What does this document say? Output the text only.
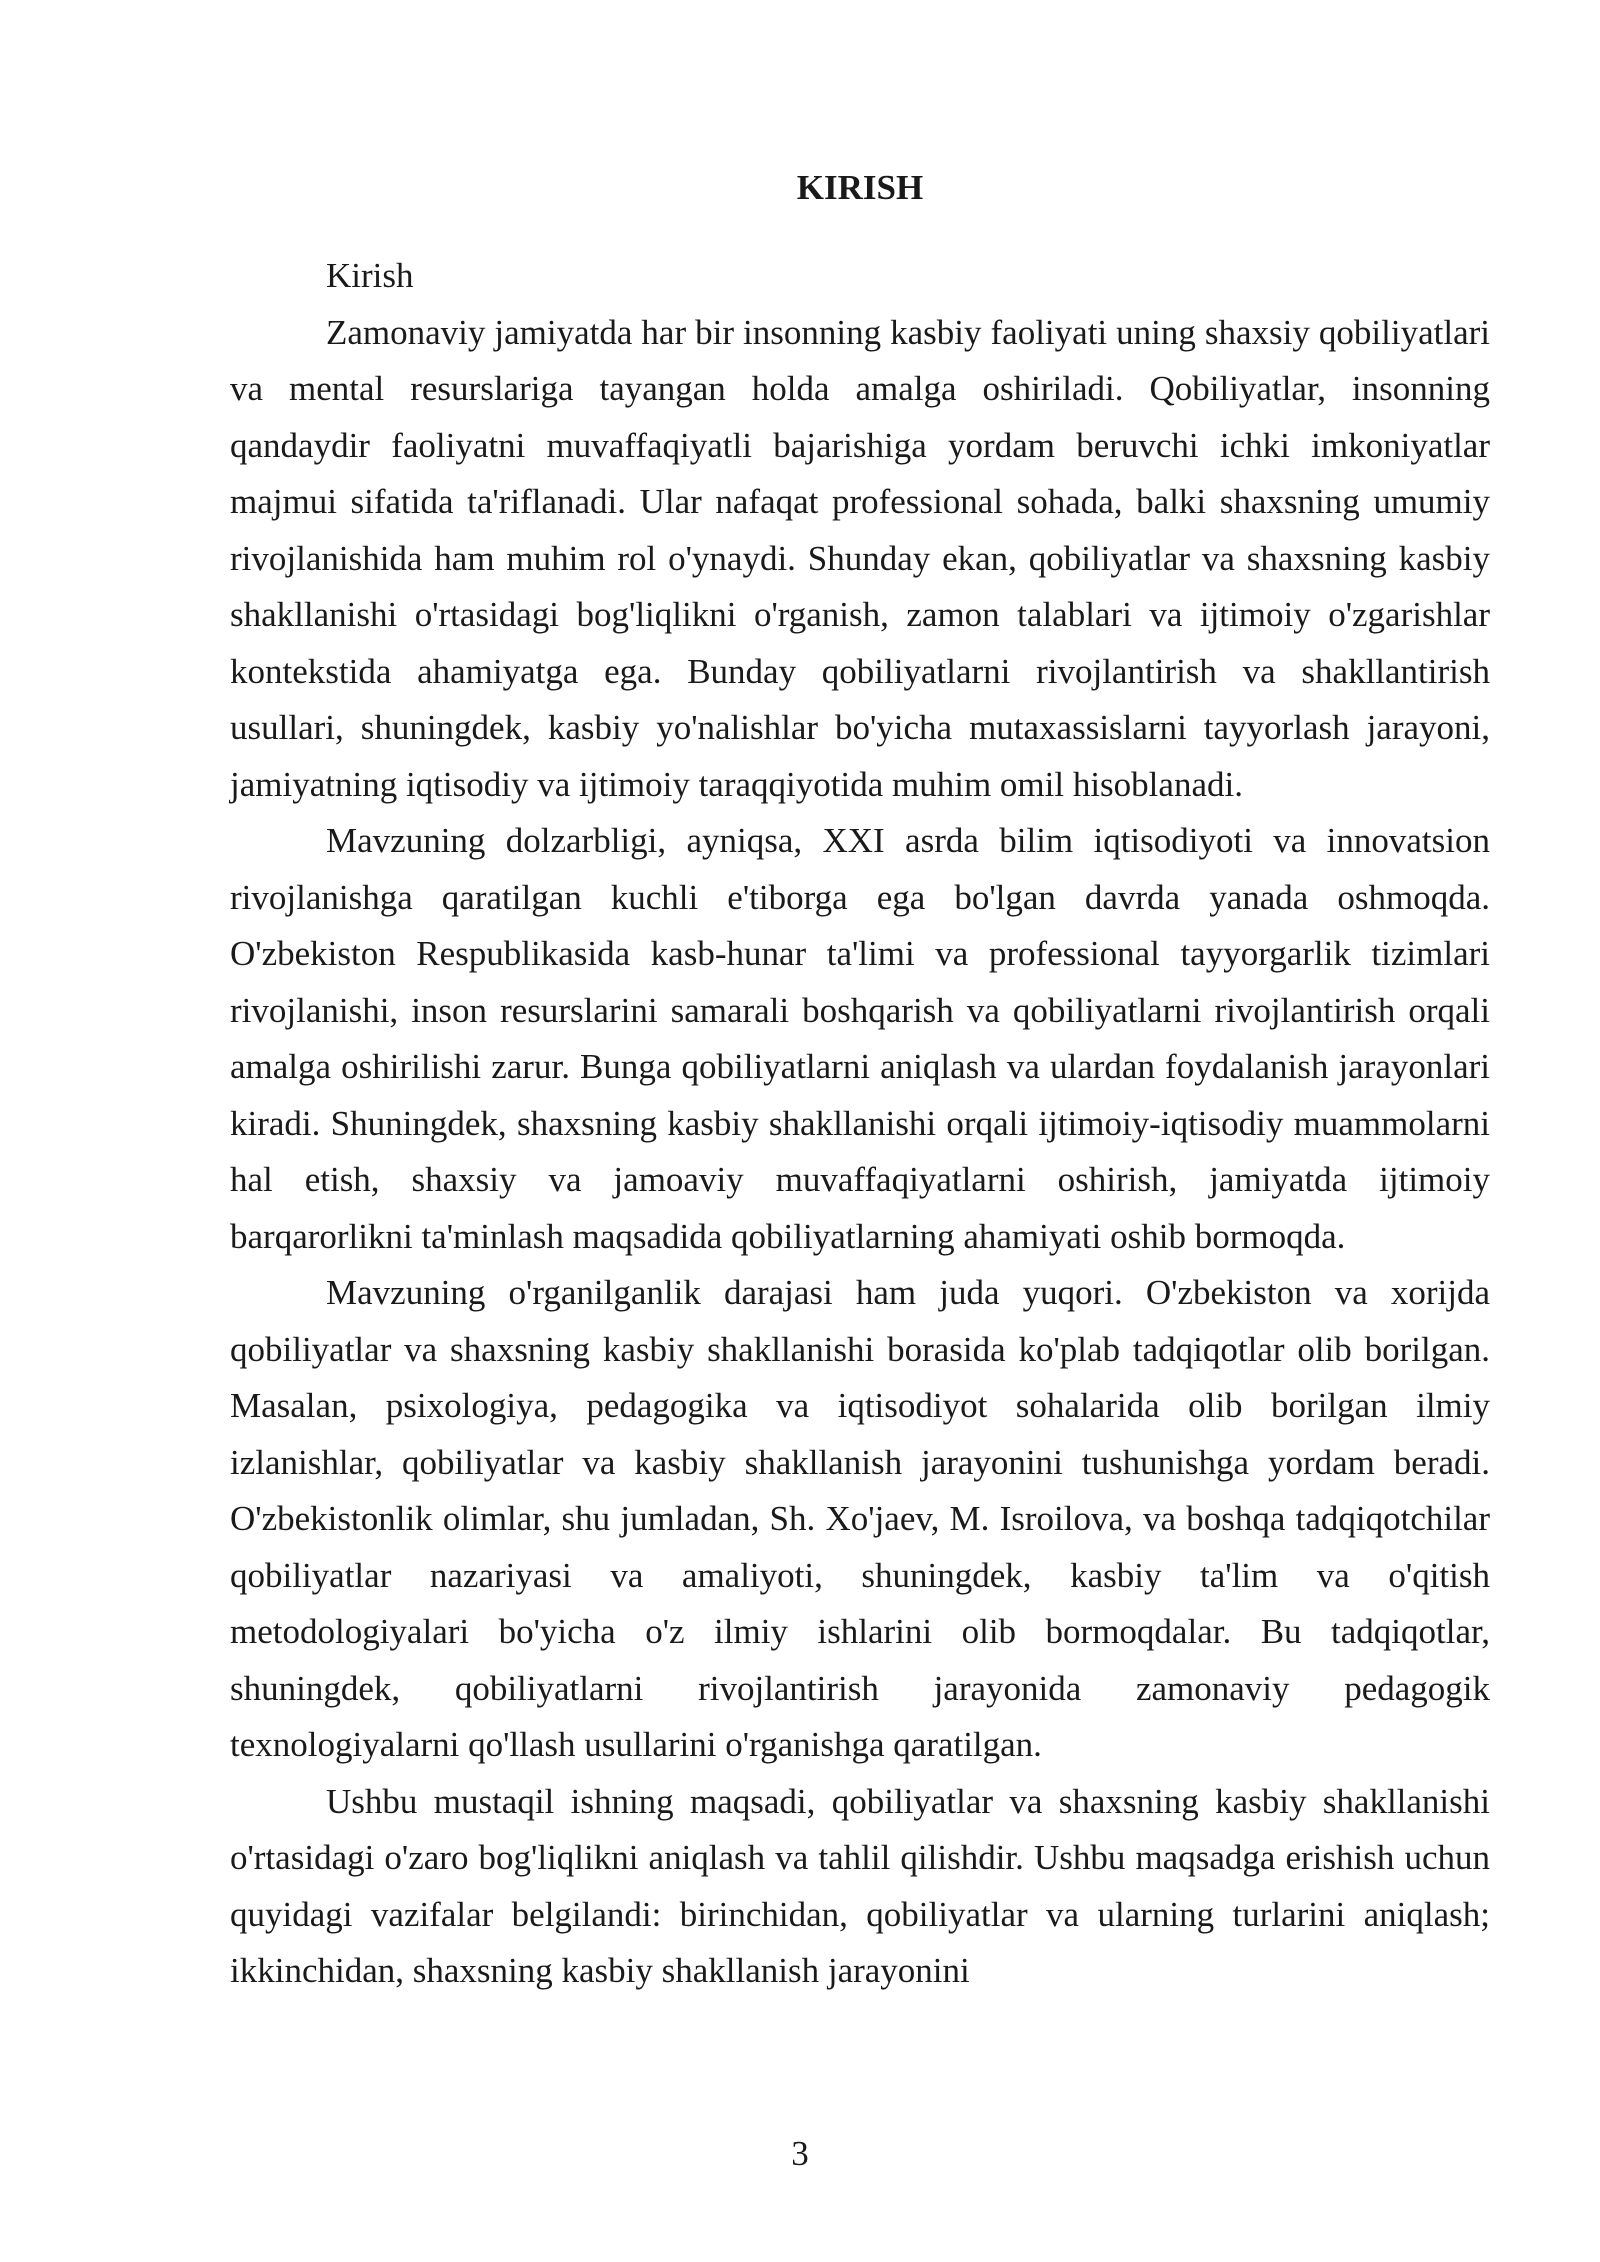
KIRISH

Kirish

Zamonaviy jamiyatda har bir insonning kasbiy faoliyati uning shaxsiy qobiliyatlari va mental resurslariga tayangan holda amalga oshiriladi. Qobiliyatlar, insonning qandaydir faoliyatni muvaffaqiyatli bajarishiga yordam beruvchi ichki imkoniyatlar majmui sifatida ta'riflanadi. Ular nafaqat professional sohada, balki shaxsning umumiy rivojlanishida ham muhim rol o'ynaydi. Shunday ekan, qobiliyatlar va shaxsning kasbiy shakllanishi o'rtasidagi bog'liqlikni o'rganish, zamon talablari va ijtimoiy o'zgarishlar kontekstida ahamiyatga ega. Bunday qobiliyatlarni rivojlantirish va shakllantirish usullari, shuningdek, kasbiy yo'nalishlar bo'yicha mutaxassislarni tayyorlash jarayoni, jamiyatning iqtisodiy va ijtimoiy taraqqiyotida muhim omil hisoblanadi.

Mavzuning dolzarbligi, ayniqsa, XXI asrda bilim iqtisodiyoti va innovatsion rivojlanishga qaratilgan kuchli e'tiborga ega bo'lgan davrda yanada oshmoqda. O'zbekiston Respublikasida kasb-hunar ta'limi va professional tayyorgarlik tizimlari rivojlanishi, inson resurslarini samarali boshqarish va qobiliyatlarni rivojlantirish orqali amalga oshirilishi zarur. Bunga qobiliyatlarni aniqlash va ulardan foydalanish jarayonlari kiradi. Shuningdek, shaxsning kasbiy shakllanishi orqali ijtimoiy-iqtisodiy muammolarni hal etish, shaxsiy va jamoaviy muvaffaqiyatlarni oshirish, jamiyatda ijtimoiy barqarorlikni ta'minlash maqsadida qobiliyatlarning ahamiyati oshib bormoqda.

Mavzuning o'rganilganlik darajasi ham juda yuqori. O'zbekiston va xorijda qobiliyatlar va shaxsning kasbiy shakllanishi borasida ko'plab tadqiqotlar olib borilgan. Masalan, psixologiya, pedagogika va iqtisodiyot sohalarida olib borilgan ilmiy izlanishlar, qobiliyatlar va kasbiy shakllanish jarayonini tushunishga yordam beradi. O'zbekistonlik olimlar, shu jumladan, Sh. Xo'jaev, M. Isroilova, va boshqa tadqiqotchilar qobiliyatlar nazariyasi va amaliyoti, shuningdek, kasbiy ta'lim va o'qitish metodologiyalari bo'yicha o'z ilmiy ishlarini olib bormoqdalar. Bu tadqiqotlar, shuningdek, qobiliyatlarni rivojlantirish jarayonida zamonaviy pedagogik texnologiyalarni qo'llash usullarini o'rganishga qaratilgan.

Ushbu mustaqil ishning maqsadi, qobiliyatlar va shaxsning kasbiy shakllanishi o'rtasidagi o'zaro bog'liqlikni aniqlash va tahlil qilishdir. Ushbu maqsadga erishish uchun quyidagi vazifalar belgilandi: birinchidan, qobiliyatlar va ularning turlarini aniqlash; ikkinchidan, shaxsning kasbiy shakllanish jarayonini

3
